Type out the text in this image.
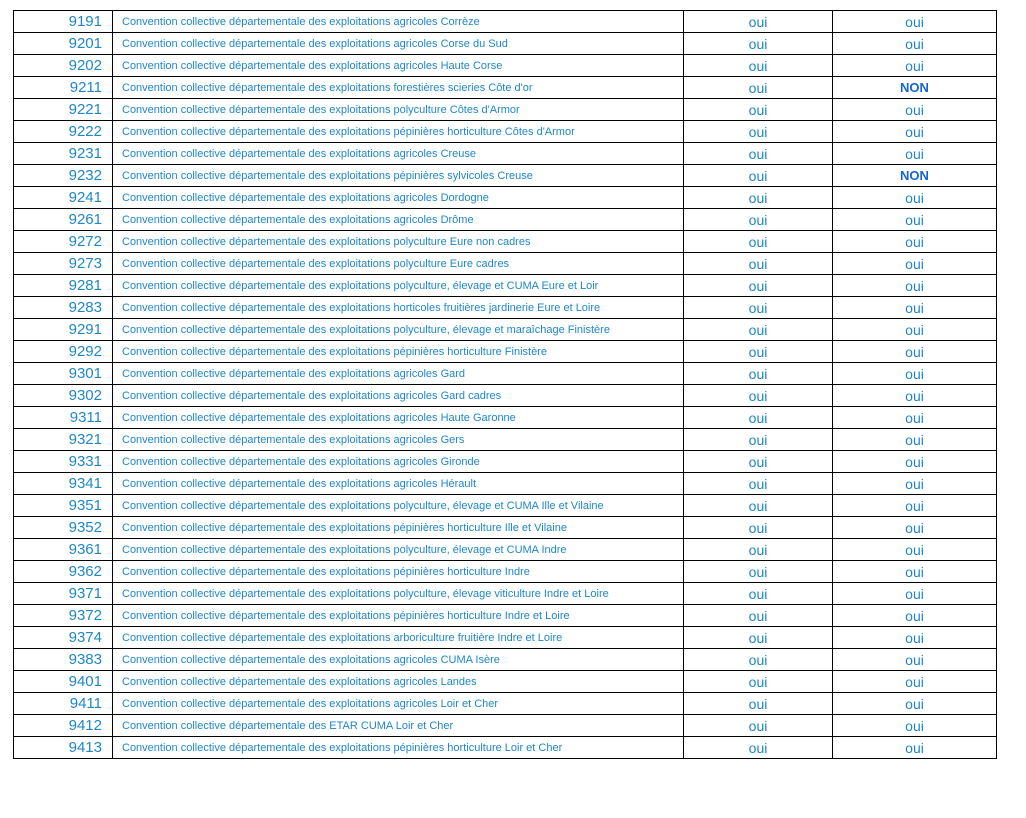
9191	Convention collective départementale des exploitations agricoles Corrèze	oui	oui
9201	Convention collective départementale des exploitations agricoles Corse du Sud	oui	oui
9202	Convention collective départementale des exploitations agricoles Haute Corse	oui	oui
9211	Convention collective départementale des exploitations forestières scieries Côte d'or	oui	NON
9221	Convention collective départementale des exploitations polyculture Côtes d'Armor	oui	oui
9222	Convention collective départementale des exploitations pépinières horticulture Côtes d'Armor	oui	oui
9231	Convention collective départementale des exploitations agricoles Creuse	oui	oui
9232	Convention collective départementale des exploitations pépinières sylvicoles Creuse	oui	NON
9241	Convention collective départementale des exploitations agricoles Dordogne	oui	oui
9261	Convention collective départementale des exploitations agricoles Drôme	oui	oui
9272	Convention collective départementale des exploitations polyculture Eure non cadres	oui	oui
9273	Convention collective départementale des exploitations polyculture Eure cadres	oui	oui
9281	Convention collective départementale des exploitations polyculture, élevage et CUMA Eure et Loir	oui	oui
9283	Convention collective départementale des exploitations horticoles fruitières jardinerie Eure et Loire	oui	oui
9291	Convention collective départementale des exploitations polyculture, élevage et maraîchage Finistère	oui	oui
9292	Convention collective départementale des exploitations pépinières horticulture Finistère	oui	oui
9301	Convention collective départementale des exploitations agricoles Gard	oui	oui
9302	Convention collective départementale des exploitations agricoles Gard cadres	oui	oui
9311	Convention collective départementale des exploitations agricoles Haute Garonne	oui	oui
9321	Convention collective départementale des exploitations agricoles Gers	oui	oui
9331	Convention collective départementale des exploitations agricoles Gironde	oui	oui
9341	Convention collective départementale des exploitations agricoles Hérault	oui	oui
9351	Convention collective départementale des exploitations polyculture, élevage et CUMA Ille et Vilaine	oui	oui
9352	Convention collective départementale des exploitations pépinières horticulture Ille et Vilaine	oui	oui
9361	Convention collective départementale des exploitations polyculture, élevage et CUMA Indre	oui	oui
9362	Convention collective départementale des exploitations pépinières horticulture Indre	oui	oui
9371	Convention collective départementale des exploitations polyculture, élevage viticulture Indre et Loire	oui	oui
9372	Convention collective départementale des exploitations pépinières horticulture Indre et Loire	oui	oui
9374	Convention collective départementale des exploitations arboriculture fruitière Indre et Loire	oui	oui
9383	Convention collective départementale des exploitations agricoles CUMA Isère	oui	oui
9401	Convention collective départementale des exploitations agricoles Landes	oui	oui
9411	Convention collective départementale des exploitations agricoles Loir et Cher	oui	oui
9412	Convention collective départementale des ETAR CUMA Loir et Cher	oui	oui
9413	Convention collective départementale des exploitations pépinières horticulture Loir et Cher	oui	oui
